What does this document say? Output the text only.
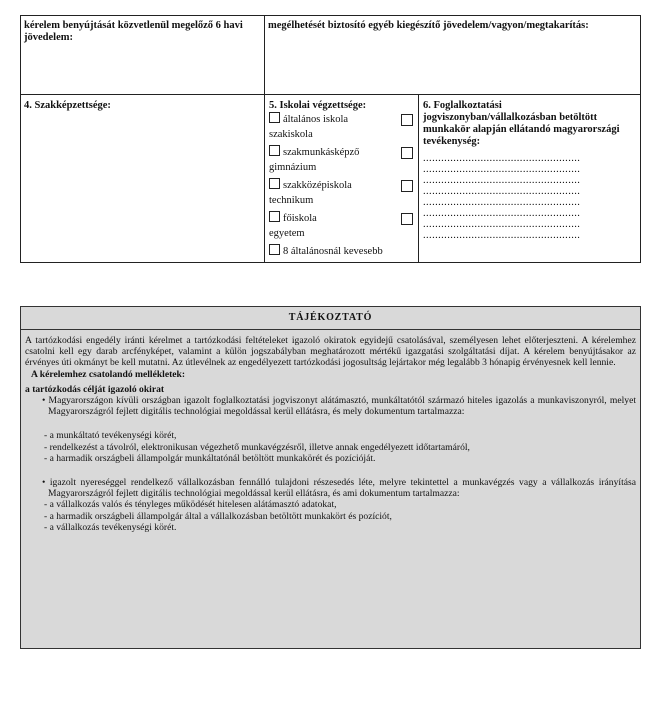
kérelem benyújtását közvetlenül megelőző 6 havi jövedelem:
megélhetését biztosító egyéb kiegészítő jövedelem/vagyon/megtakarítás:
4. Szakképzettsége:	5. Iskolai végzettsége:
általános iskola
szakiskola
szakmunkásképző
gimnázium
szakközépiskola
technikum
főiskola
egyetem
8 általánosnál kevesebb
6. Foglalkoztatási jogviszonyban/vállalkozásban betöltött munkakör alapján ellátandó magyarországi tevékenység:
....................................................
....................................................
....................................................
....................................................
....................................................
....................................................
....................................................
....................................................
TÁJÉKOZTATÓ

A tartózkodási engedély iránti kérelmet a tartózkodási feltételeket igazoló okiratok egyidejű csatolásával, személyesen lehet előterjeszteni. A kérelemhez csatolni kell egy darab arcfényképet, valamint a külön jogszabályban meghatározott mértékű igazgatási szolgáltatási díjat. A kérelem benyújtásakor az érvényes úti okmányt be kell mutatni. Az útlevélnek az engedélyezett tartózkodási jogosultság lejártakor még legalább 3 hónapig érvényesnek kell lennie.

A kérelemhez csatolandó mellékletek:
a tartózkodás célját igazoló okirat

• Magyarországon kívüli országban igazolt foglalkoztatási jogviszonyt alátámasztó, munkáltatótól származó hiteles igazolás a munkaviszonyról, melyet Magyarországról fejlett digitális technológiai megoldással kerül ellátásra, és mely dokumentum tartalmazza:

- a munkáltató tevékenységi körét,
- rendelkezést a távolról, elektronikusan végezhető munkavégzésről, illetve annak engedélyezett időtartamáról,
- a harmadik országbeli állampolgár munkáltatónál betöltött munkakörét és pozícióját.

• igazolt nyereséggel rendelkező vállalkozásban fennálló tulajdoni részesedés léte, melyre tekintettel a munkavégzés vagy a vállalkozás irányítása Magyarországról fejlett digitális technológiai megoldással kerül ellátásra, és ami dokumentum tartalmazza:

- a vállalkozás valós és tényleges működését hitelesen alátámasztó adatokat,
- a harmadik országbeli állampolgár által a vállalkozásban betöltött munkakört és pozíciót,
- a vállalkozás tevékenységi körét.
